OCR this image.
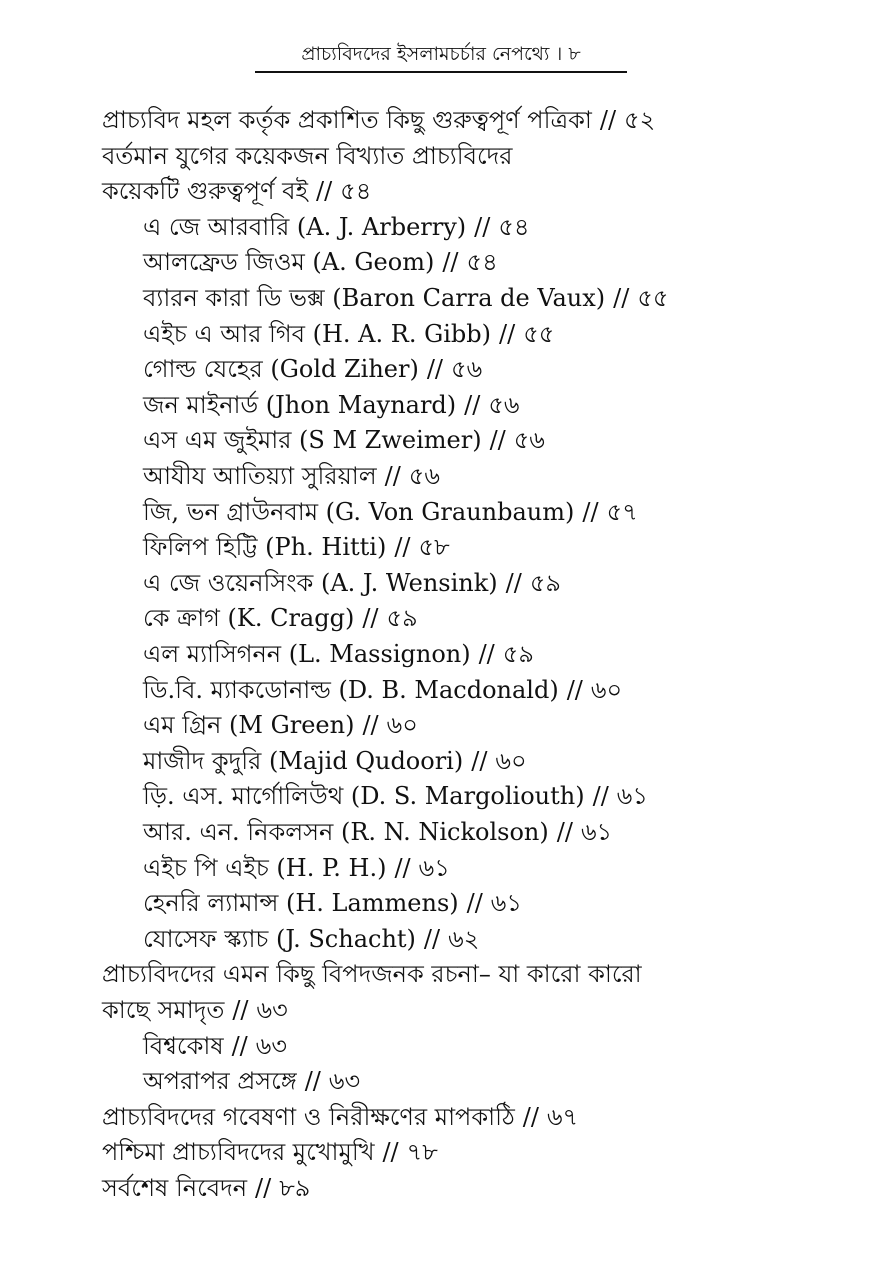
প্রাচ্যবিদদের ইসলামচর্চার নেপথ্যে । ৮
প্রাচ্যবিদ মহল কর্তৃক প্রকাশিত কিছু গুরুত্বপূর্ণ পত্রিকা // ৫২
বর্তমান যুগের কয়েকজন বিখ্যাত প্রাচ্যবিদের
কয়েকটি গুরুত্বপূর্ণ বই // ৫৪
এ জে আরবারি (A. J. Arberry) // ৫৪
আলফ্রেড জিওম (A. Geom) // ৫৪
ব্যারন কারা ডি ভক্স (Baron Carra de Vaux) // ৫৫
এইচ এ আর গিব (H. A. R. Gibb) // ৫৫
গোল্ড যেহের (Gold Ziher) // ৫৬
জন মাইনার্ড (Jhon Maynard) // ৫৬
এস এম জুইমার (S M Zweimer) // ৫৬
আযীয আতিয়্যা সুরিয়াল // ৫৬
জি, ভন গ্রাউনবাম (G. Von Graunbaum) // ৫৭
ফিলিপ হিট্টি (Ph. Hitti) // ৫৮
এ জে ওয়েনসিংক (A. J. Wensink) // ৫৯
কে ক্রাগ (K. Cragg) // ৫৯
এল ম্যাসিগনন (L. Massignon) // ৫৯
ডি.বি. ম্যাকডোনাল্ড (D. B. Macdonald) // ৬০
এম গ্রিন (M Green) // ৬০
মাজীদ কুদুরি (Majid Qudoori) // ৬০
ড়ি. এস. মার্গোলিউথ (D. S. Margoliouth) // ৬১
আর. এন. নিকলসন (R. N. Nickolson) // ৬১
এইচ পি এইচ (H. P. H.) // ৬১
হেনরি ল্যামান্স (H. Lammens) // ৬১
যোসেফ স্ক্যাচ (J. Schacht) // ৬২
প্রাচ্যবিদদের এমন কিছু বিপদজনক রচনা– যা কারো কারো
কাছে সমাদৃত // ৬৩
বিশ্বকোষ // ৬৩
অপরাপর প্রসঙ্গে // ৬৩
প্রাচ্যবিদদের গবেষণা ও নিরীক্ষণের মাপকাঠি // ৬৭
পশ্চিমা প্রাচ্যবিদদের মুখোমুখি // ৭৮
সর্বশেষ নিবেদন // ৮৯
